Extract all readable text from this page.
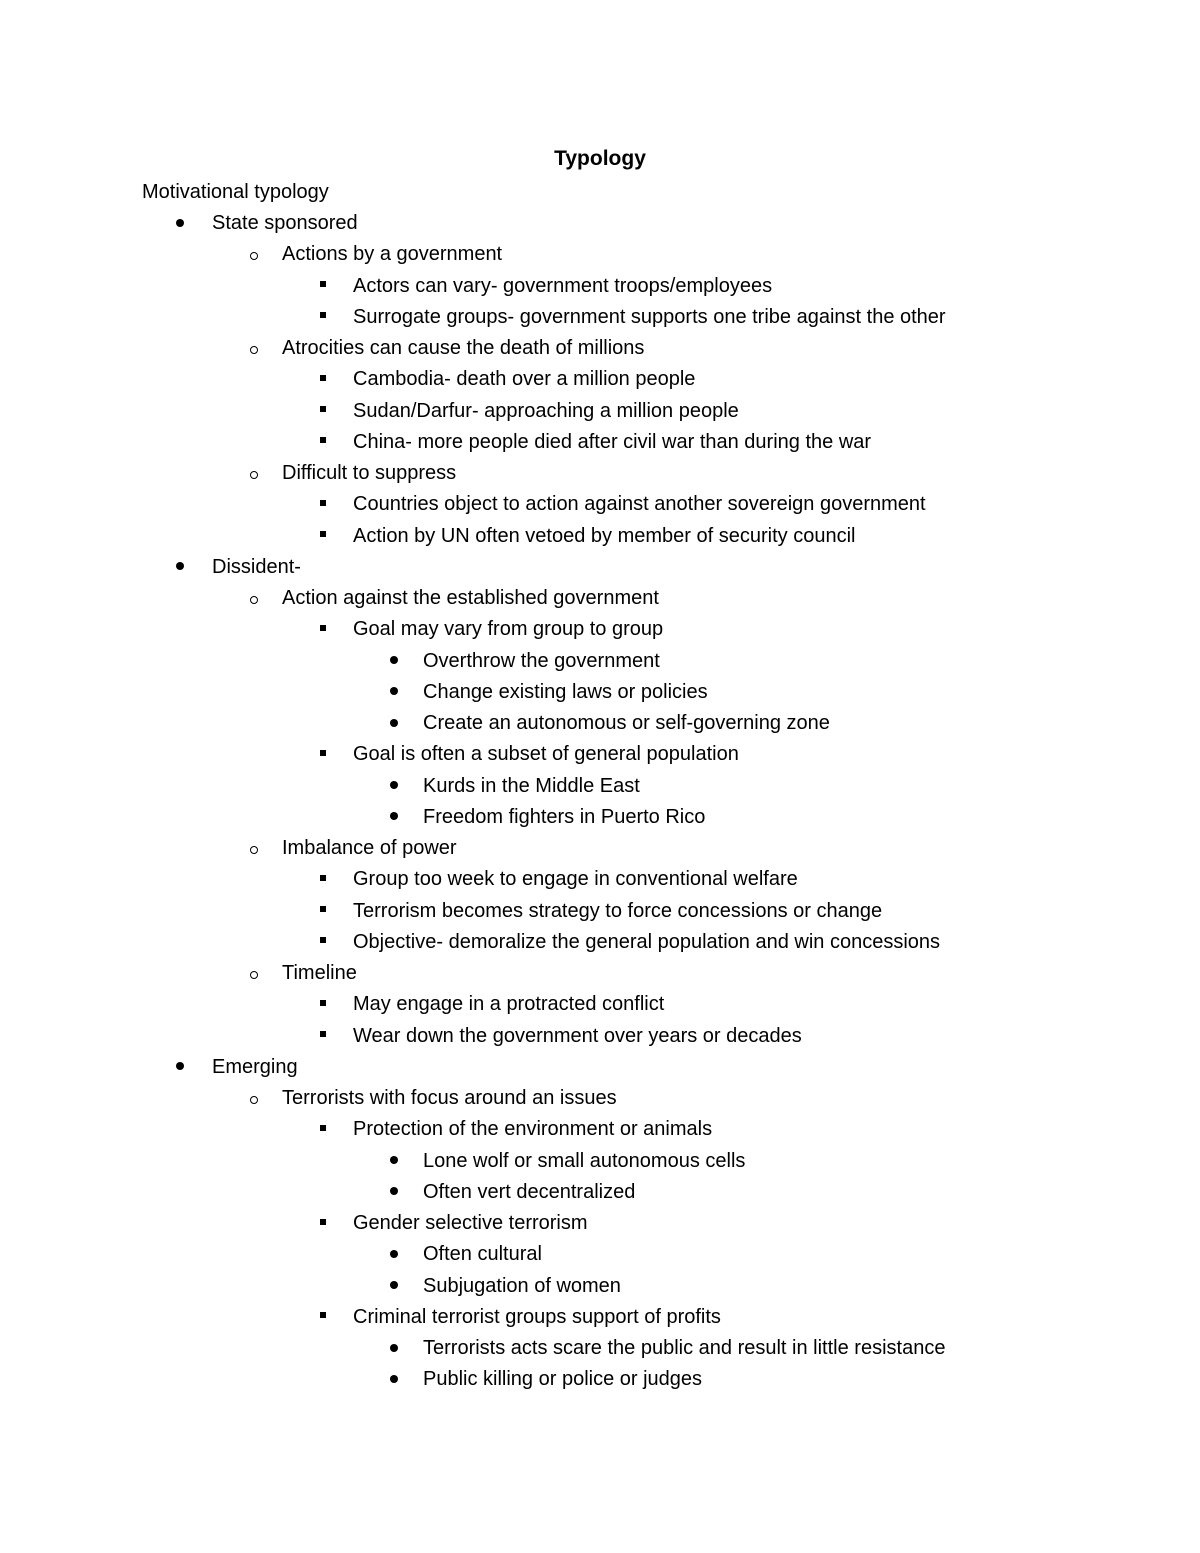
Typology
Motivational typology
State sponsored
Actions by a government
Actors can vary- government troops/employees
Surrogate groups- government supports one tribe against the other
Atrocities can cause the death of millions
Cambodia- death over a million people
Sudan/Darfur- approaching a million people
China- more people died after civil war than during the war
Difficult to suppress
Countries object to action against another sovereign government
Action by UN often vetoed by member of security council
Dissident-
Action against the established government
Goal may vary from group to group
Overthrow the government
Change existing laws or policies
Create an autonomous or self-governing zone
Goal is often a subset of general population
Kurds in the Middle East
Freedom fighters in Puerto Rico
Imbalance of power
Group too week to engage in conventional welfare
Terrorism becomes strategy to force concessions or change
Objective- demoralize the general population and win concessions
Timeline
May engage in a protracted conflict
Wear down the government over years or decades
Emerging
Terrorists with focus around an issues
Protection of the environment or animals
Lone wolf or small autonomous cells
Often vert decentralized
Gender selective terrorism
Often cultural
Subjugation of women
Criminal terrorist groups support of profits
Terrorists acts scare the public and result in little resistance
Public killing or police or judges
